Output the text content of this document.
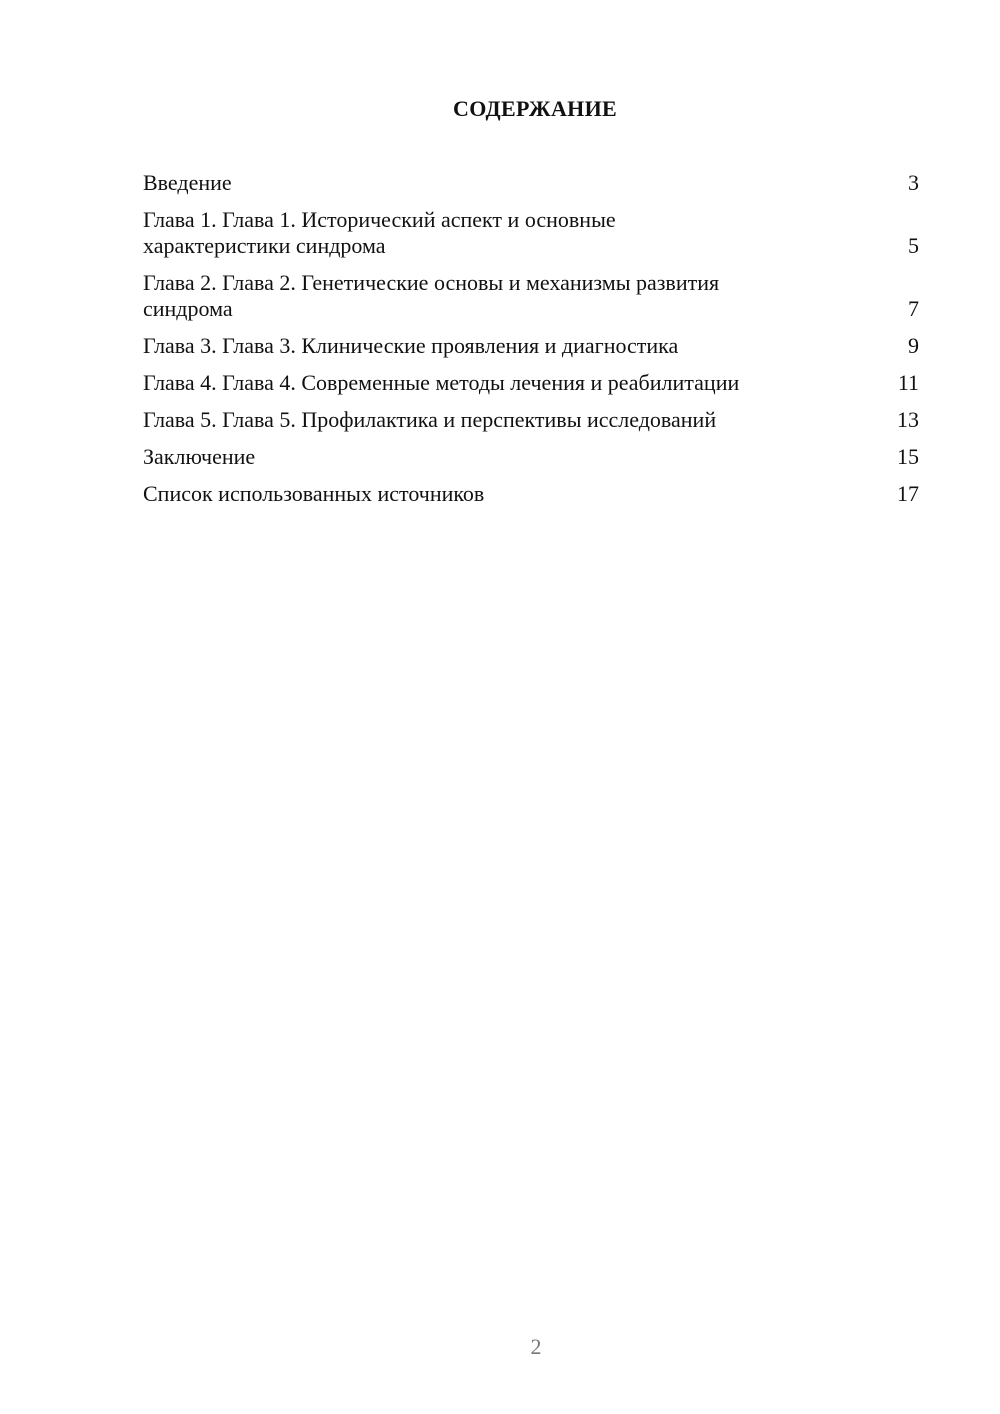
СОДЕРЖАНИЕ
Введение	3
Глава 1. Глава 1. Исторический аспект и основные характеристики синдрома	5
Глава 2. Глава 2. Генетические основы и механизмы развития синдрома	7
Глава 3. Глава 3. Клинические проявления и диагностика	9
Глава 4. Глава 4. Современные методы лечения и реабилитации	11
Глава 5. Глава 5. Профилактика и перспективы исследований	13
Заключение	15
Список использованных источников	17
2
